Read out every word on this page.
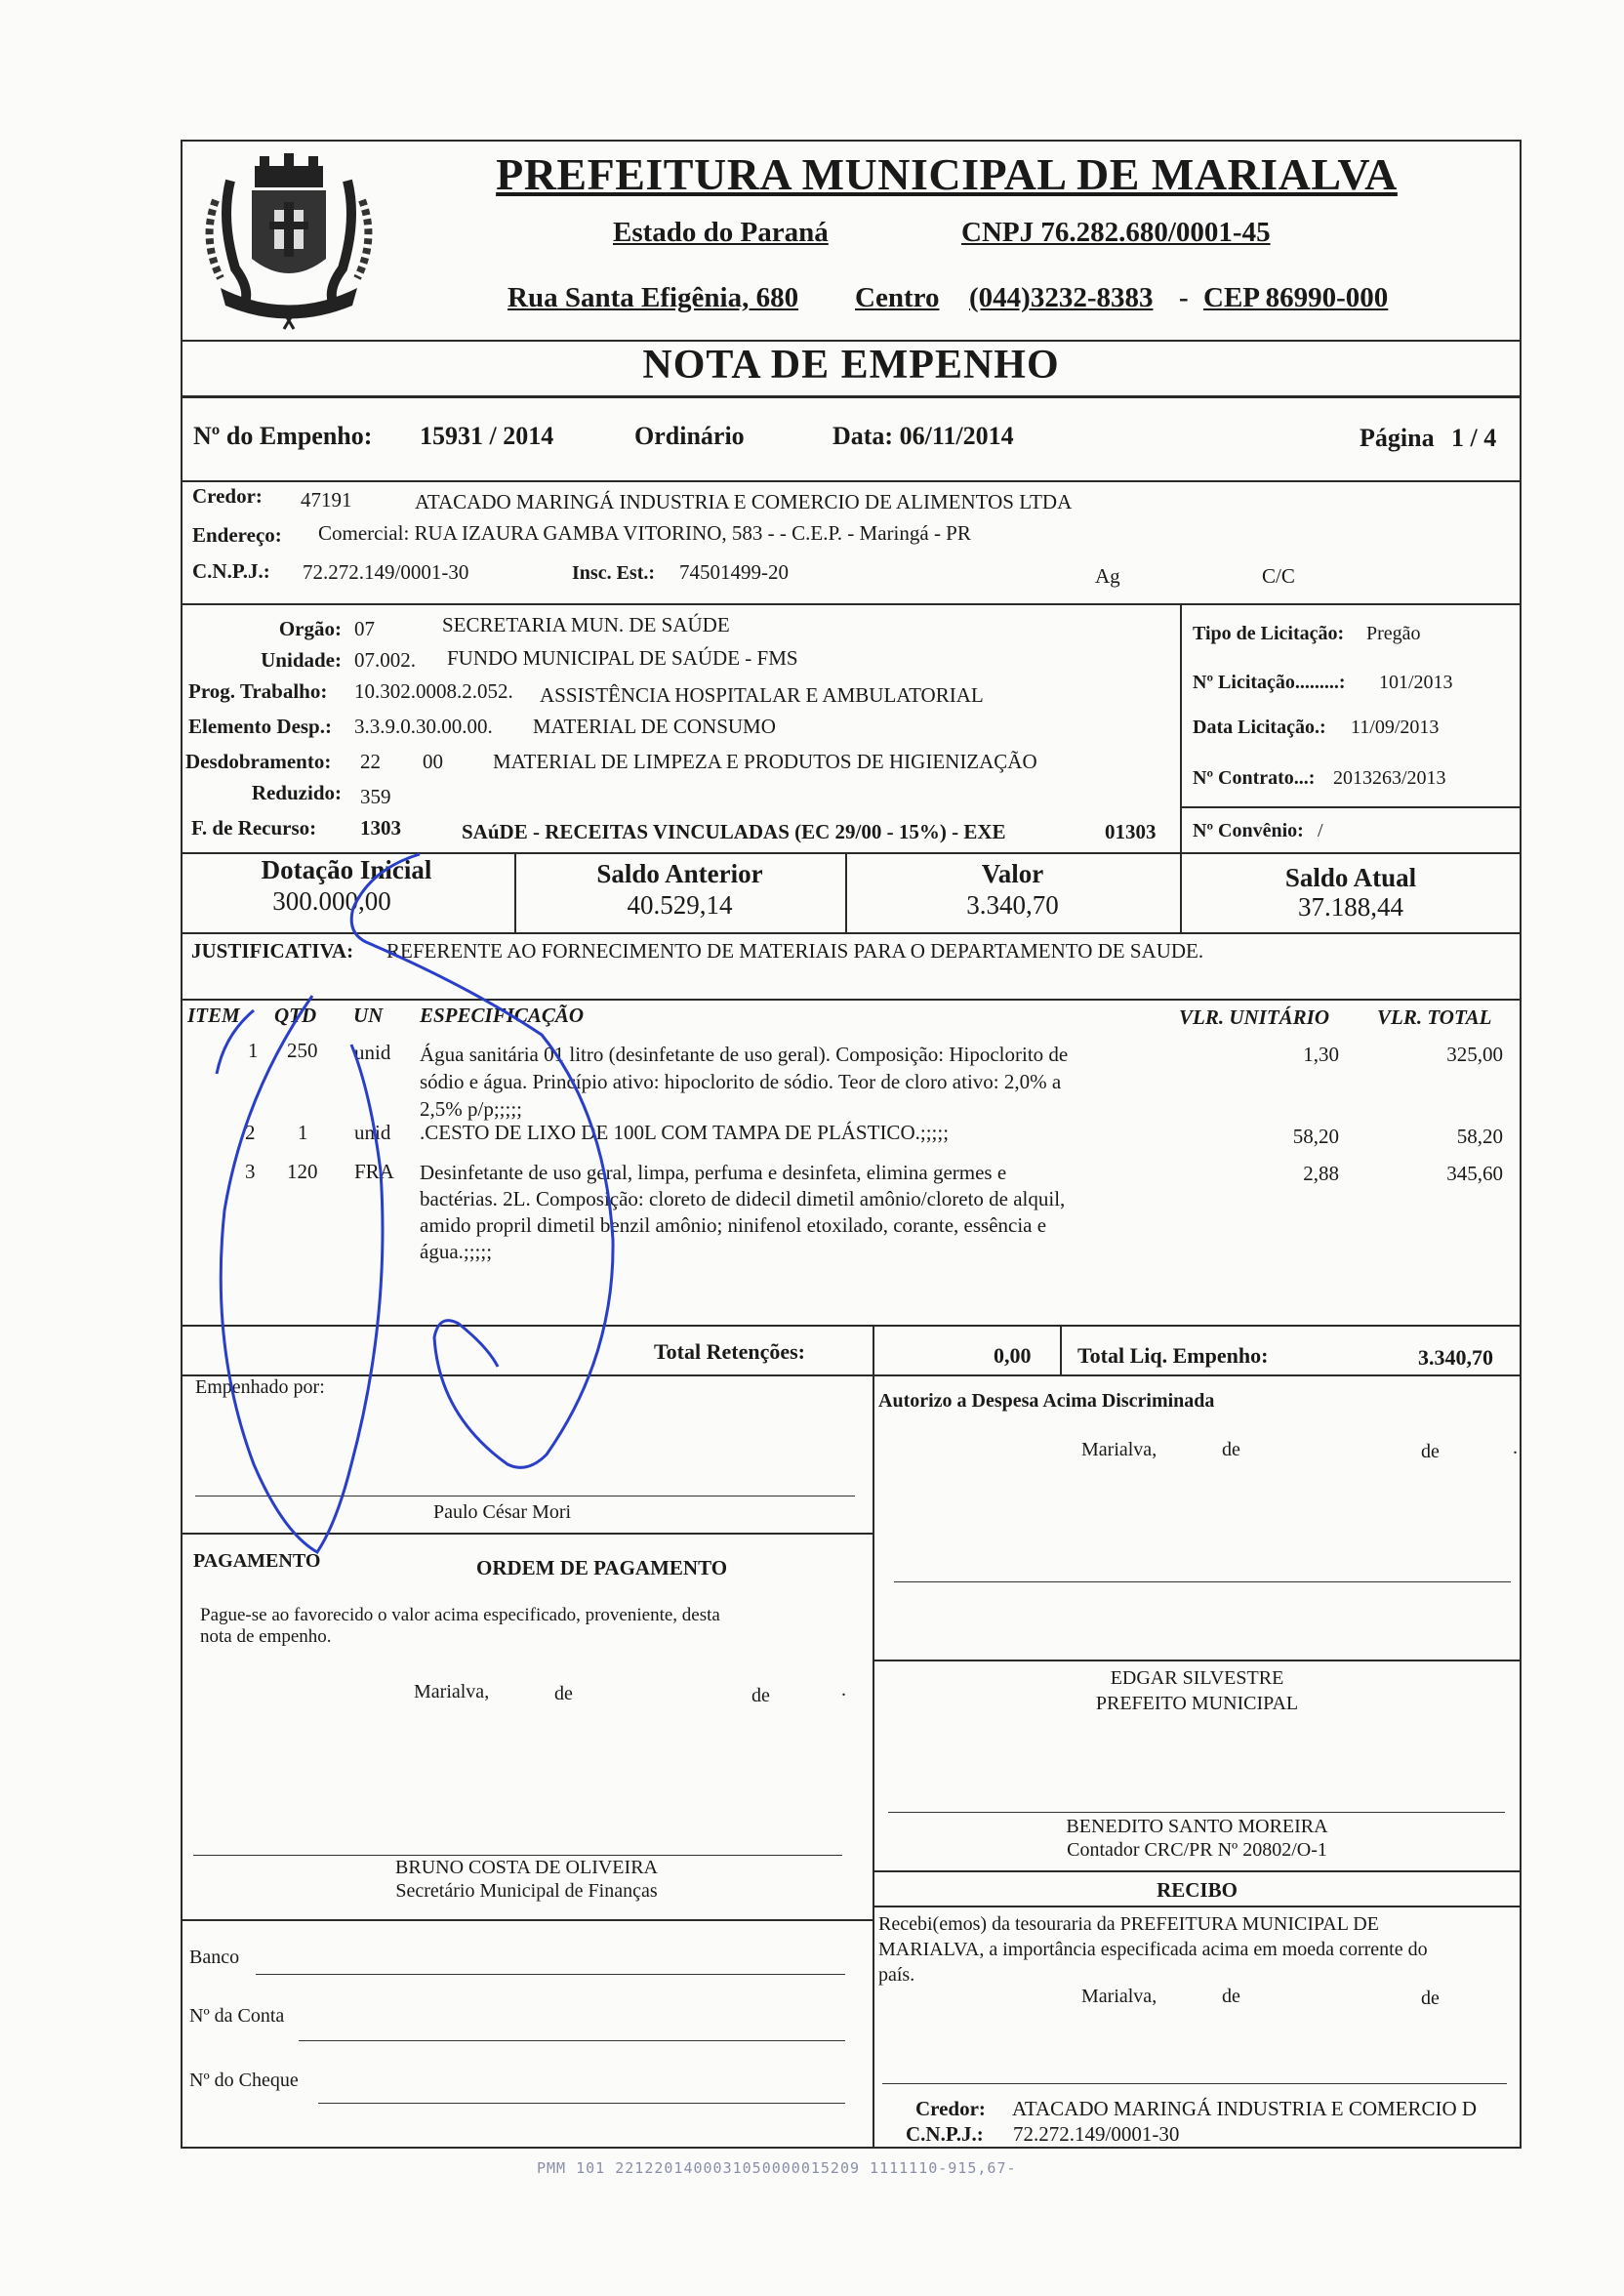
PREFEITURA MUNICIPAL DE MARIALVA
Estado do Paraná	CNPJ 76.282.680/0001-45
Rua Santa Efigênia, 680 Centro (044)3232-8383 - CEP 86990-000
NOTA DE EMPENHO
Nº do Empenho: 15931 / 2014	Ordinário	Data: 06/11/2014	Página 1 / 4
Credor: 47191	ATACADO MARINGÁ INDUSTRIA E COMERCIO DE ALIMENTOS LTDA
Endereço: Comercial: RUA IZAURA GAMBA VITORINO, 583 - - C.E.P. - Maringá - PR
C.N.P.J.: 72.272.149/0001-30	Insc. Est.: 74501499-20	Ag	C/C
Orgão: 07	SECRETARIA MUN. DE SAÚDE
Unidade: 07.002. FUNDO MUNICIPAL DE SAÚDE - FMS
Prog. Trabalho: 10.302.0008.2.052. ASSISTÊNCIA HOSPITALAR E AMBULATORIAL
Elemento Desp.: 3.3.9.0.30.00.00. MATERIAL DE CONSUMO
Desdobramento: 22 00 MATERIAL DE LIMPEZA E PRODUTOS DE HIGIENIZAÇÃO
Reduzido: 359
F. de Recurso: 1303	SAúDE - RECEITAS VINCULADAS (EC 29/00 - 15%) - EXE	01303
Tipo de Licitação: Pregão
Nº Licitação.........: 101/2013
Data Licitação.: 11/09/2013
Nº Contrato...: 2013263/2013
Nº Convênio: /
Dotação Inicial
300.000,00
Saldo Anterior
40.529,14
Valor
3.340,70
Saldo Atual
37.188,44
JUSTIFICATIVA: REFERENTE AO FORNECIMENTO DE MATERIAIS PARA O DEPARTAMENTO DE SAUDE.
ITEM QTD UN ESPECIFICAÇÃO	VLR. UNITÁRIO VLR. TOTAL
1 250 unid Água sanitária 01 litro (desinfetante de uso geral). Composição: Hipoclorito de
sódio e água. Princípio ativo: hipoclorito de sódio. Teor de cloro ativo: 2,0% a
2,5% p/p;;;;;
1,30	325,00
2 1 unid .CESTO DE LIXO DE 100L COM TAMPA DE PLÁSTICO.;;;;;	58,20	58,20
3 120 FRA Desinfetante de uso geral, limpa, perfuma e desinfeta, elimina germes e
bactérias. 2L. Composição: cloreto de didecil dimetil amônio/cloreto de alquil,
amido propril dimetil benzil amônio; ninifenol etoxilado, corante, essência e
água.;;;;;
2,88	345,60
Total Retenções:	0,00 Total Liq. Empenho:	3.340,70
Empenhado por:
Paulo César Mori
Autorizo a Despesa Acima Discriminada
Marialva,	de	de	.
EDGAR SILVESTRE
PREFEITO MUNICIPAL
PAGAMENTO	ORDEM DE PAGAMENTO
Pague-se ao favorecido o valor acima especificado, proveniente, desta
nota de empenho.
Marialva,	de	de	.
BRUNO COSTA DE OLIVEIRA
Secretário Municipal de Finanças
BENEDITO SANTO MOREIRA
Contador CRC/PR Nº 20802/O-1
RECIBO
Recebi(emos) da tesouraria da PREFEITURA MUNICIPAL DE
MARIALVA, a importância especificada acima em moeda corrente do
país.
Marialva,	de	de
Banco
Nº da Conta
Nº do Cheque
Credor: ATACADO MARINGÁ INDUSTRIA E COMERCIO D
C.N.P.J.: 72.272.149/0001-30
PMM 101 2212201400031050000015209 1111110-915,67-
